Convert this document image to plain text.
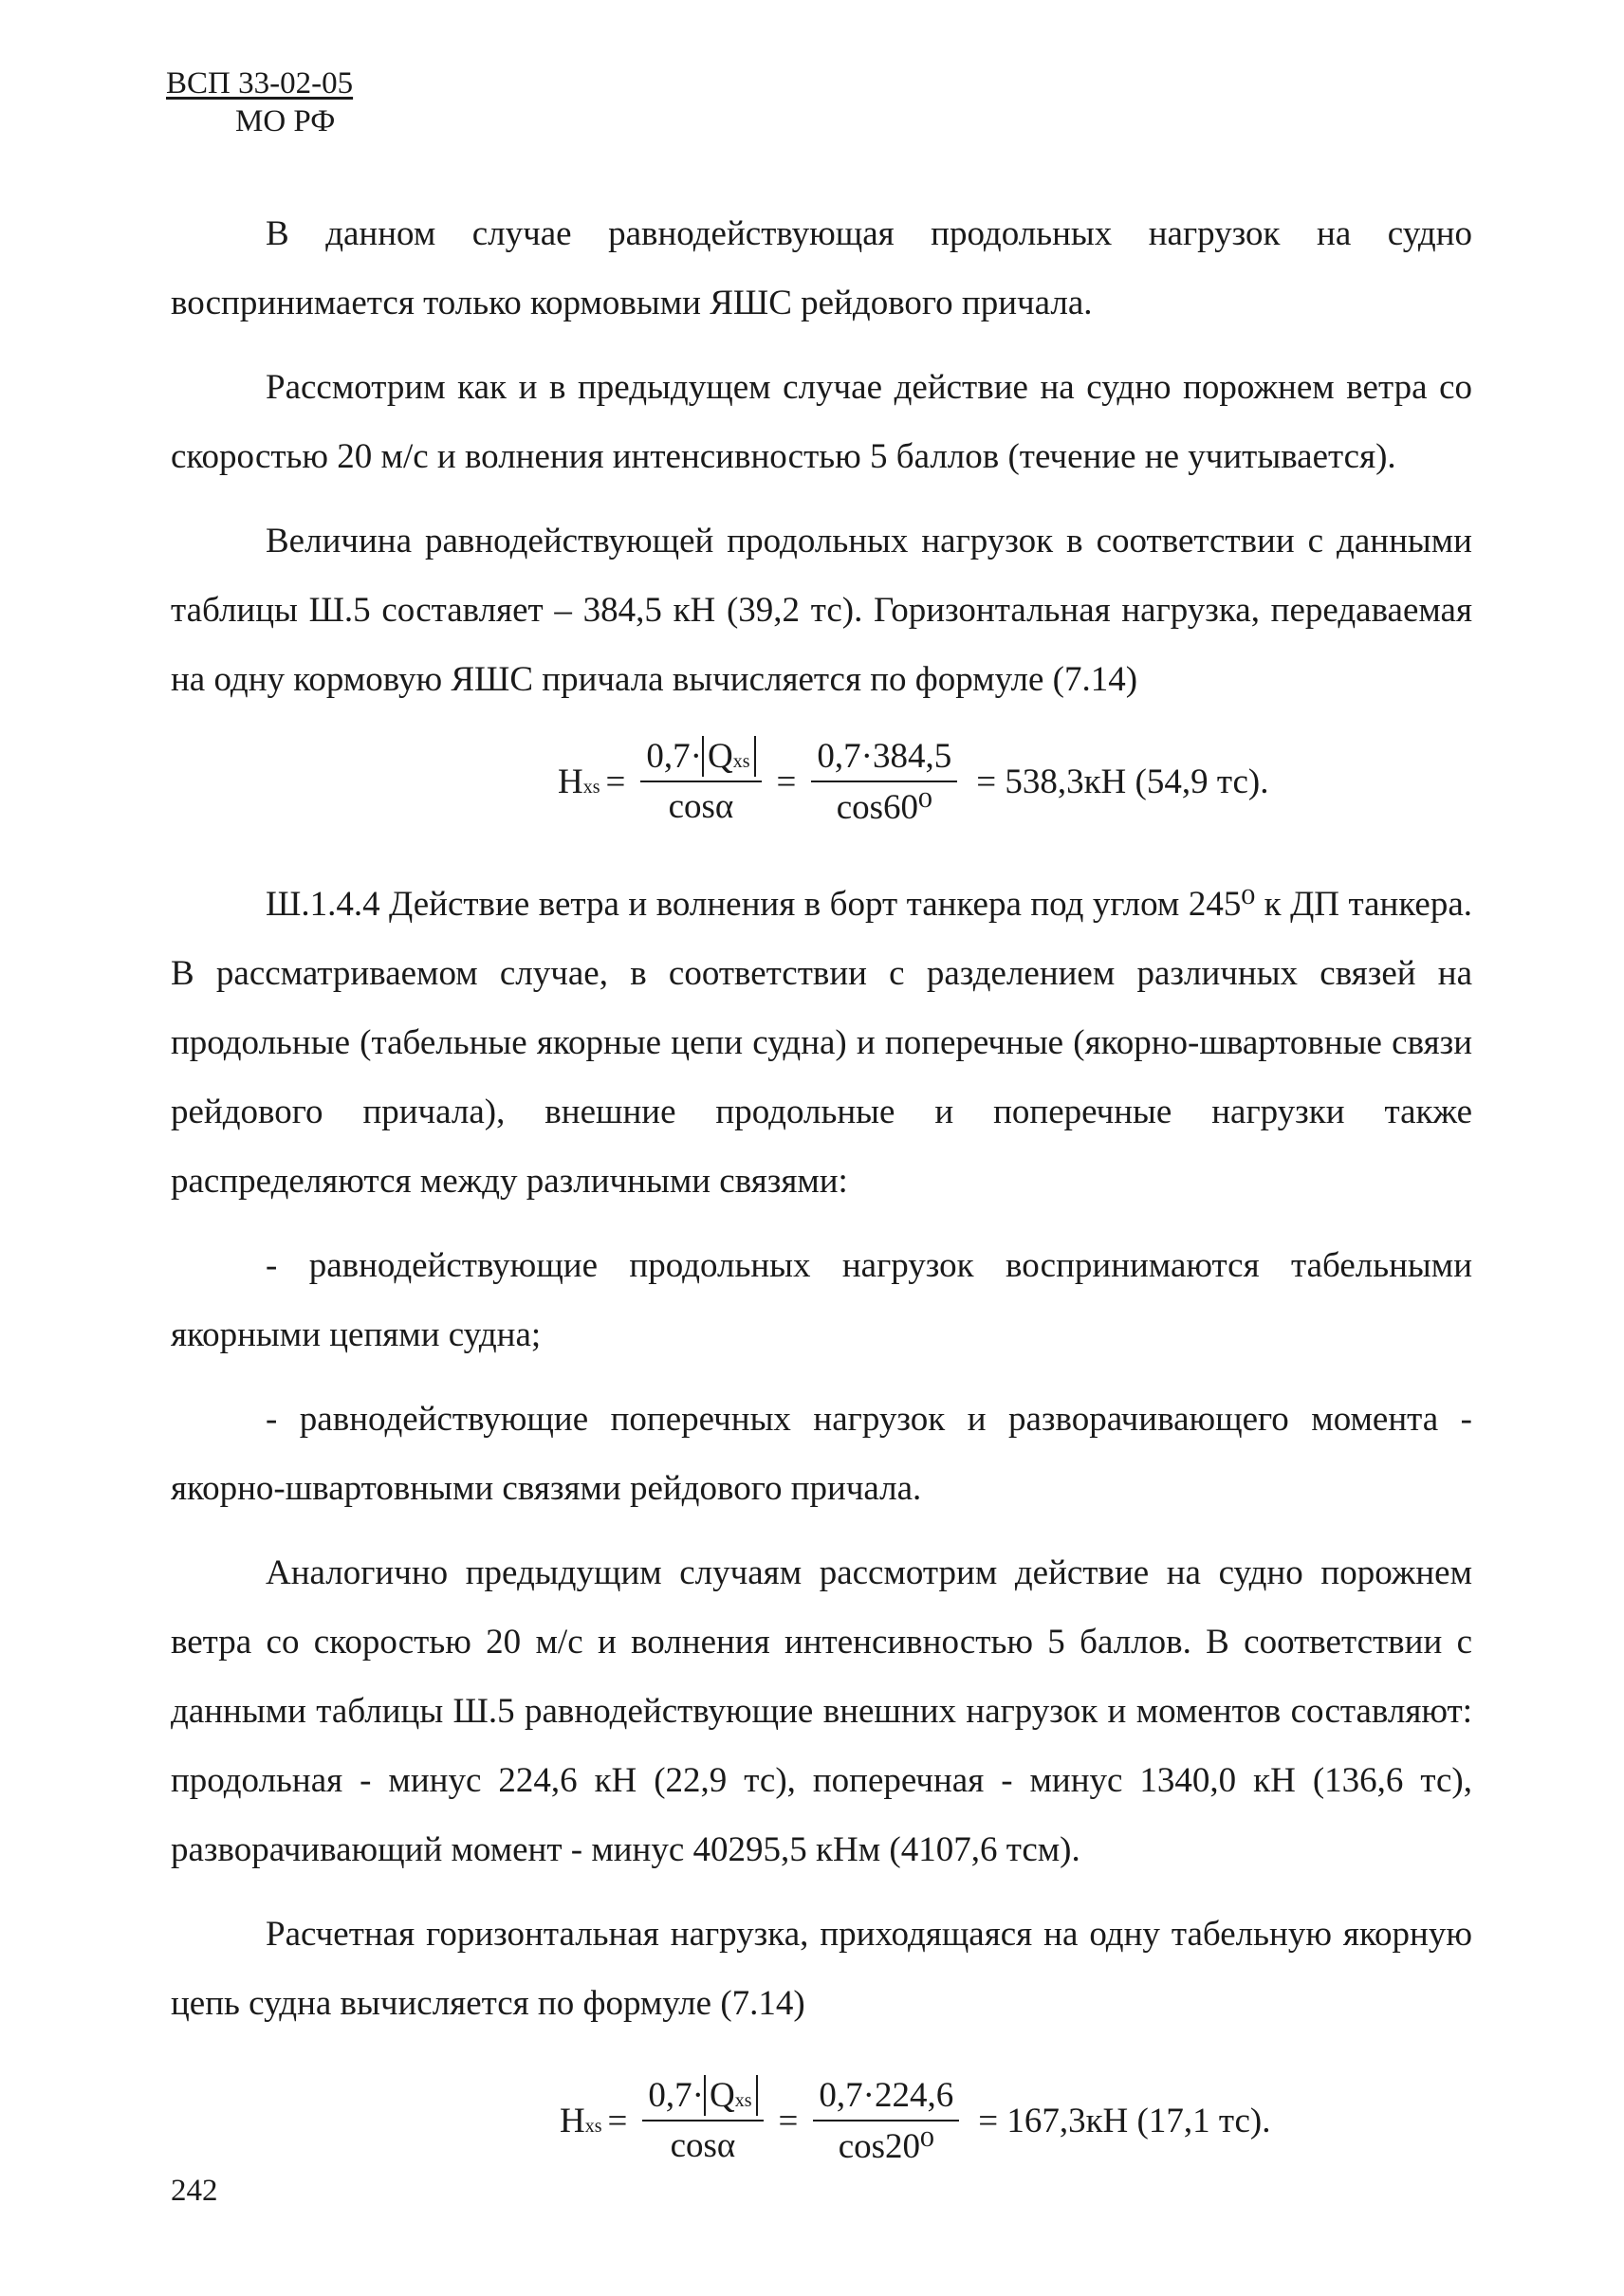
ВСП 33-02-05
МО РФ

В данном случае равнодействующая продольных нагрузок на судно воспринимается только кормовыми ЯШС рейдового причала.

Рассмотрим как и в предыдущем случае действие на судно порожнем ветра со скоростью 20 м/с и волнения интенсивностью 5 баллов (течение не учитывается).

Величина равнодействующей продольных нагрузок в соответствии с данными таблицы Ш.5 составляет – 384,5 кН (39,2 тс). Горизонтальная нагрузка, передаваемая на одну кормовую ЯШС причала вычисляется по формуле (7.14)

H x $s = \frac{\text{0,7· Q x s}}{\cos\alpha} = \frac{0,7\cdot 384,5}{\text{cos60⁰}} = 538,3кН$ (54,9 тс).

Ш.1.4.4 Действие ветра и волнения в борт танкера под углом 245⁰ к ДП танкера. В рассматриваемом случае, в соответствии с разделением различных связей на продольные (табельные якорные цепи судна) и поперечные (якорно-швартовные связи рейдового причала), внешние продольные и поперечные нагрузки также распределяются между различными связями:

- равнодействующие продольных нагрузок воспринимаются табельными якорными цепями судна;

- равнодействующие поперечных нагрузок и разворачивающего момента - якорно-швартовными связями рейдового причала.

Аналогично предыдущим случаям рассмотрим действие на судно порожнем ветра со скоростью 20 м/с и волнения интенсивностью 5 баллов. В соответствии с данными таблицы Ш.5 равнодействующие внешних нагрузок и моментов составляют: продольная - минус 224,6 кН (22,9 тс), поперечная - минус 1340,0 кН (136,6 тс), разворачивающий момент - минус 40295,5 кНм (4107,6 тсм).

Расчетная горизонтальная нагрузка, приходящаяся на одну табельную якорную цепь судна вычисляется по формуле (7.14)

H x $s = \frac{\text{0,7· Q x s}}{\cos\alpha} = \frac{0,7\cdot 224,6}{\text{cos20⁰}} = 167,3кН$ (17,1 тс).
242
